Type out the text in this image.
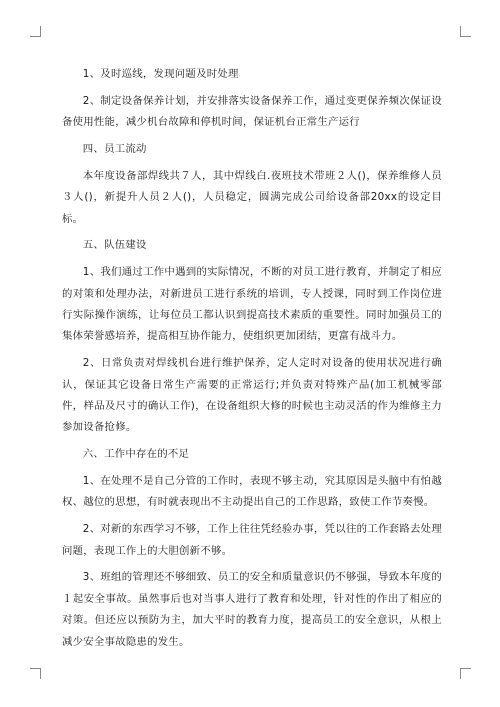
1、及时巡线，发现问题及时处理

2、制定设备保养计划，并安排落实设备保养工作，通过变更保养频次保证设备使用性能，减少机台故障和停机时间，保证机台正常生产运行

四、员工流动

本年度设备部焊线共７人，其中焊线白.夜班技术带班２人()，保养维修人员３人()，新提升人员２人()，人员稳定，圆满完成公司给设备部20xx的设定目标。

五、队伍建设

1、我们通过工作中遇到的实际情况，不断的对员工进行教育，并制定了相应的对策和处理办法，对新进员工进行系统的培训，专人授课，同时到工作岗位进行实际操作演练，让每位员工都认识到提高技术素质的重要性。同时加强员工的集体荣誉感培养，提高相互协作能力，使组织更加团结，更富有战斗力。

2、日常负责对焊线机台进行维护保养，定人定时对设备的使用状况进行确认，保证其它设备日常生产需要的正常运行;并负责对特殊产品(加工机械零部件，样品及尺寸的确认工作)，在设备组织大修的时候也主动灵活的作为维修主力参加设备抢修。

六、工作中存在的不足

1、在处理不是自己分管的工作时，表现不够主动，究其原因是头脑中有怕越权、越位的思想，有时就表现出不主动提出自己的工作思路，致使工作节奏慢。

2、对新的东西学习不够，工作上往往凭经验办事，凭以往的工作套路去处理问题，表现工作上的大胆创新不够。

3、班组的管理还不够细致、员工的安全和质量意识仍不够强，导致本年度的１起安全事故。虽然事后也对当事人进行了教育和处理，针对性的作出了相应的对策。但还应以预防为主，加大平时的教育力度，提高员工的安全意识，从根上减少安全事故隐患的发生。
